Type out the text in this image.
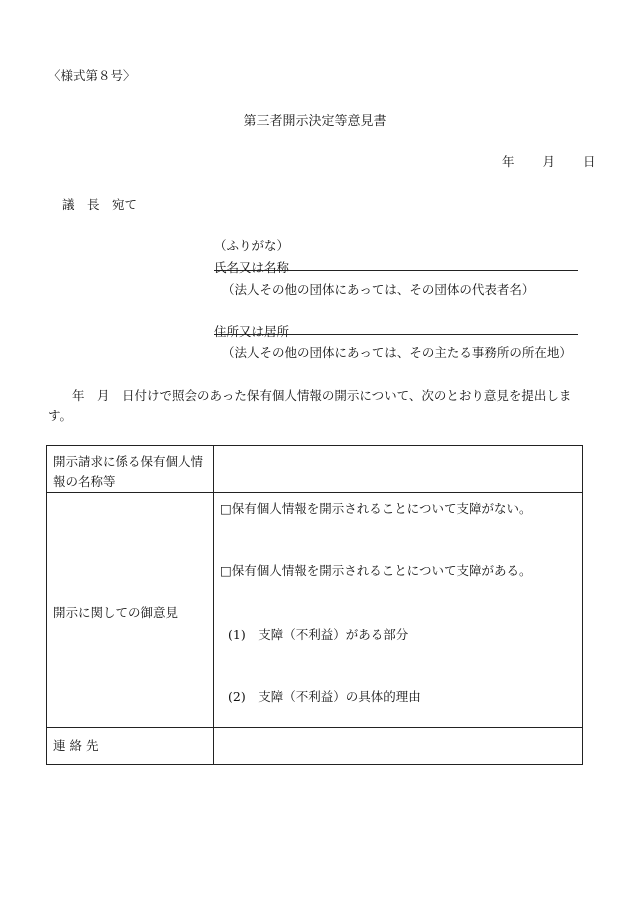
〈様式第８号〉
第三者開示決定等意見書
年 月 日
議　長　宛て
（ふりがな）
氏名又は名称
（法人その他の団体にあっては、その団体の代表者名）
住所又は居所
（法人その他の団体にあっては、その主たる事務所の所在地）
年　月　日付けで照会のあった保有個人情報の開示について、次のとおり意見を提出します。
開示請求に係る保有個人情報の名称等	
開示に関しての御意見	□保有個人情報を開示されることについて支障がない。
□保有個人情報を開示されることについて支障がある。
(1)　支障（不利益）がある部分
(2)　支障（不利益）の具体的理由

連 絡 先	
